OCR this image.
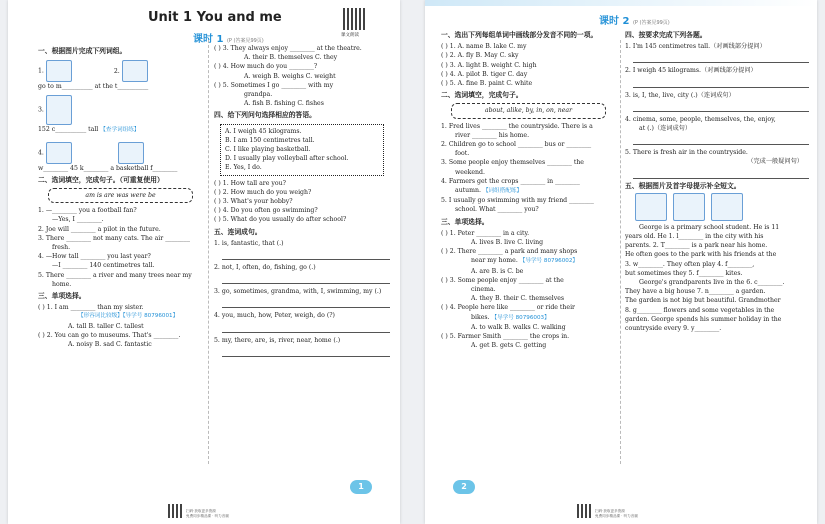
Unit 1 You and me
课文朗读
课时 1 (P (答案见99页)
一、根据图片完成下列词组。
1.	2.
go to m__________ at the t__________
3.
152 c__________ tall 【查学词组练】
4.
w________ 45 k________ a basketball f________
二、选词填空，完成句子。（可重复使用）
am is are was were be
1. —________ you a football fan?
—Yes, I ________.
2. Joe will ________ a pilot in the future.
3. There ________ not many cats. The air ________
fresh.
4. —How tall ________ you last year?
—I ________ 140 centimetres tall.
5. There ________ a river and many trees near my
home.
三、单项选择。
( ) 1. I am ________ than my sister.
【形容词比较级】【导学号 80796001】
A. tall B. taller C. tallest
( ) 2. You can go to museums. That's ________.
A. noisy B. sad C. fantastic
( ) 3. They always enjoy ________ at the theatre.
A. their B. themselves C. they
( ) 4. How much do you ________?
A. weigh B. weighs C. weight
( ) 5. Sometimes I go ________ with my
grandpa.
A. fish B. fishing C. fishes
四、给下列问句选择相应的答语。
A. I weigh 45 kilograms.
B. I am 150 centimetres tall.
C. I like playing basketball.
D. I usually play volleyball after school.
E. Yes, I do.
( ) 1. How tall are you?
( ) 2. How much do you weigh?
( ) 3. What's your hobby?
( ) 4. Do you often go swimming?
( ) 5. What do you usually do after school?
五、连词成句。
1. is, fantastic, that (.)
2. not, I, often, do, fishing, go (.)
3. go, sometimes, grandma, with, I, swimming, my (.)
4. you, much, how, Peter, weigh, do (?)
5. my, there, are, is, river, near, home (.)
1
扫码·获取更多资源
免费同步精品课 · 听力音频
课时 2 (P (答案见99页)
一、选出下列每组单词中画线部分发音不同的一项。
( ) 1. A. name B. lake C. my
( ) 2. A. fly B. May C. sky
( ) 3. A. light B. weight C. high
( ) 4. A. pilot B. tiger C. day
( ) 5. A. fine B. paint C. white
二、选词填空，完成句子。
about, alike, by, in, on, near
1. Fred lives ________ the countryside. There is a
river ________ his home.
2. Children go to school ________ bus or ________
foot.
3. Some people enjoy themselves ________ the
weekend.
4. Farmers get the crops ________ in ________
autumn. 【词组搭配练】
5. I usually go swimming with my friend ________
school. What ________ you?
三、单项选择。
( ) 1. Peter ________ in a city.
A. lives B. live C. living
( ) 2. There ________ a park and many shops
near my home. 【导学号 80796002】
A. are B. is C. be
( ) 3. Some people enjoy ________ at the
cinema.
A. they B. their C. themselves
( ) 4. People here like ________ or ride their
bikes. 【导学号 80796003】
A. to walk B. walks C. walking
( ) 5. Farmer Smith ________ the crops in.
A. get B. gets C. getting
四、按要求完成下列各题。
1. I'm 145 centimetres tall.（对画线部分提问）
2. I weigh 45 kilograms.（对画线部分提问）
3. is, I, the, live, city (.)（连词成句）
4. cinema, some, people, themselves, the, enjoy,
at (.)（连词成句）
5. There is fresh air in the countryside.
（完成一般疑问句）
五、根据图片及首字母提示补全短文。

George is a primary school student. He is 11
years old. He 1. l________ in the city with his
parents. 2. T________ is a park near his home.
He often goes to the park with his friends at the
3. w________. They often play 4. f________,
but sometimes they 5. f________ kites.
George's grandparents live in the 6. c________.
They have a big house 7. n________ a garden.
The garden is not big but beautiful. Grandmother
8. g________ flowers and some vegetables in the
garden. George spends his summer holiday in the
countryside every 9. y________.
2
扫码·获取更多资源
免费同步精品课 · 听力音频
